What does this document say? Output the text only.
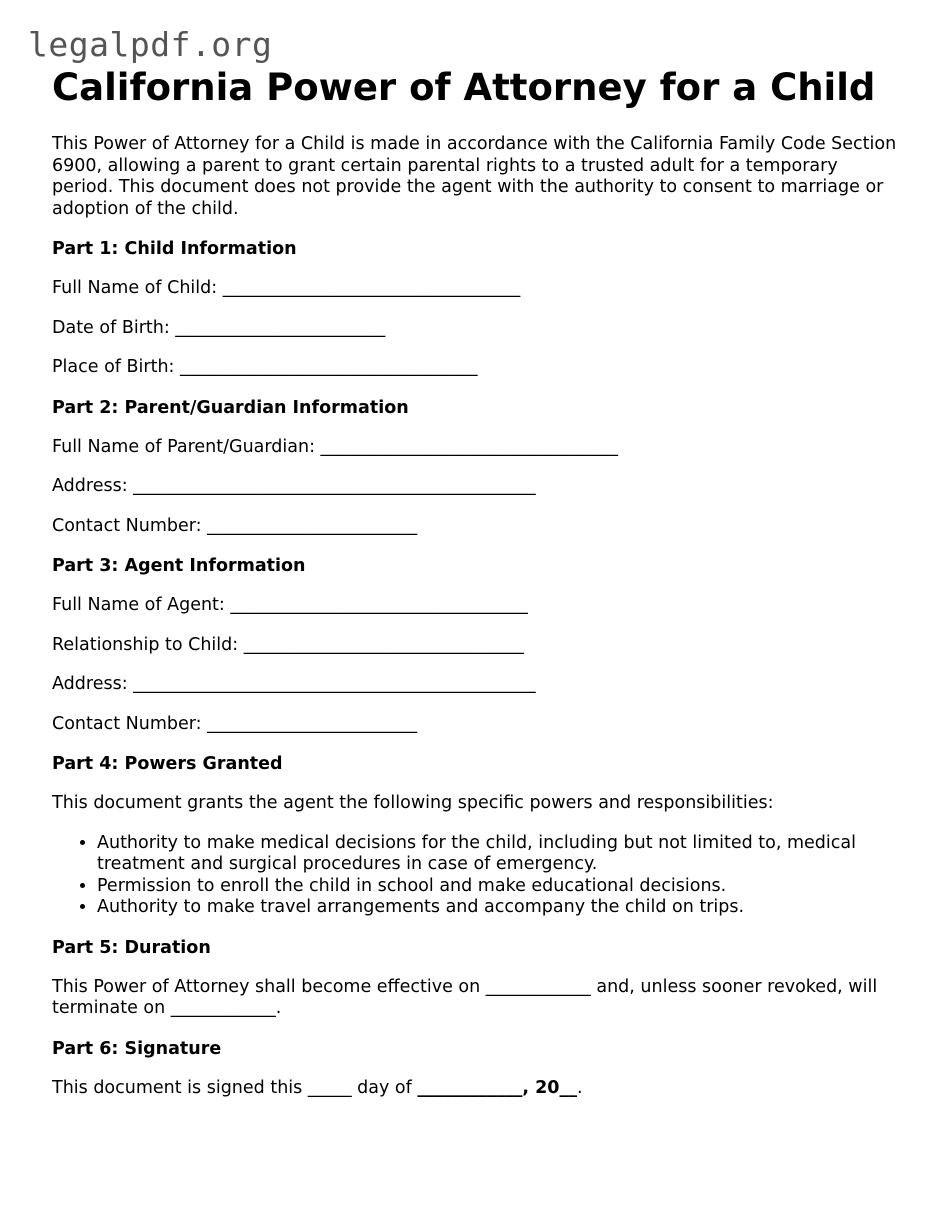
legalpdf.org
California Power of Attorney for a Child

This Power of Attorney for a Child is made in accordance with the California Family Code Section 6900, allowing a parent to grant certain parental rights to a trusted adult for a temporary period. This document does not provide the agent with the authority to consent to marriage or adoption of the child.

Part 1: Child Information
Full Name of Child: __________________________________
Date of Birth: ________________________
Place of Birth: __________________________________
Part 2: Parent/Guardian Information
Full Name of Parent/Guardian: __________________________________
Address: ______________________________________________
Contact Number: ________________________
Part 3: Agent Information
Full Name of Agent: __________________________________
Relationship to Child: ________________________________
Address: ______________________________________________
Contact Number: ________________________
Part 4: Powers Granted

This document grants the agent the following specific powers and responsibilities:

• Authority to make medical decisions for the child, including but not limited to, medical treatment and surgical procedures in case of emergency.
• Permission to enroll the child in school and make educational decisions.
• Authority to make travel arrangements and accompany the child on trips.
Part 5: Duration

This Power of Attorney shall become effective on ____________ and, unless sooner revoked, will terminate on ____________.

Part 6: Signature

This document is signed this _____ day of ____________, 20__.
